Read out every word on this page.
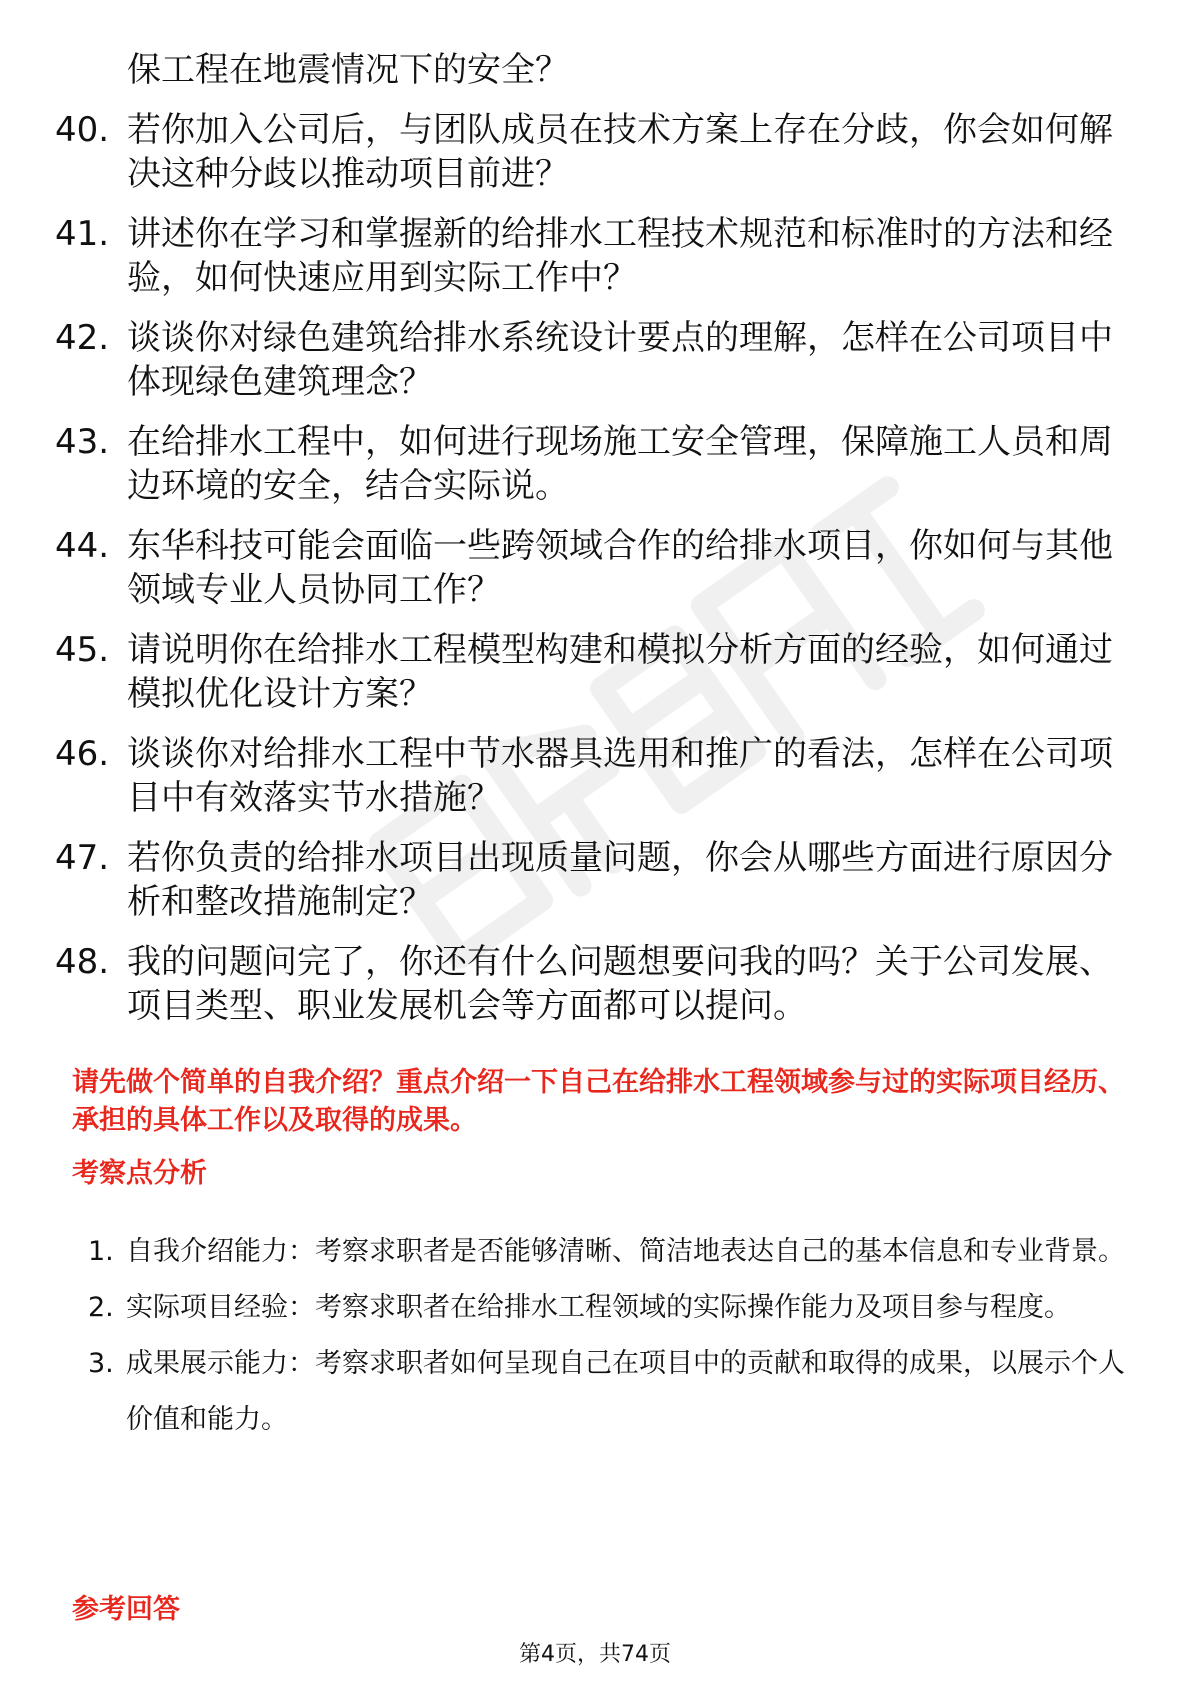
保工程在地震情况下的安全？
40. 若你加入公司后，与团队成员在技术方案上存在分歧，你会如何解决这种分歧以推动项目前进？
41. 讲述你在学习和掌握新的给排水工程技术规范和标准时的方法和经验，如何快速应用到实际工作中？
42. 谈谈你对绿色建筑给排水系统设计要点的理解，怎样在公司项目中体现绿色建筑理念？
43. 在给排水工程中，如何进行现场施工安全管理，保障施工人员和周边环境的安全，结合实际说。
44. 东华科技可能会面临一些跨领域合作的给排水项目，你如何与其他领域专业人员协同工作？
45. 请说明你在给排水工程模型构建和模拟分析方面的经验，如何通过模拟优化设计方案？
46. 谈谈你对给排水工程中节水器具选用和推广的看法，怎样在公司项目中有效落实节水措施？
47. 若你负责的给排水项目出现质量问题，你会从哪些方面进行原因分析和整改措施制定？
48. 我的问题问完了，你还有什么问题想要问我的吗？关于公司发展、项目类型、职业发展机会等方面都可以提问。
请先做个简单的自我介绍？重点介绍一下自己在给排水工程领域参与过的实际项目经历、承担的具体工作以及取得的成果。
考察点分析
1. 自我介绍能力：考察求职者是否能够清晰、简洁地表达自己的基本信息和专业背景。
2. 实际项目经验：考察求职者在给排水工程领域的实际操作能力及项目参与程度。
3. 成果展示能力：考察求职者如何呈现自己在项目中的贡献和取得的成果，以展示个人价值和能力。
参考回答
第4页，共74页
